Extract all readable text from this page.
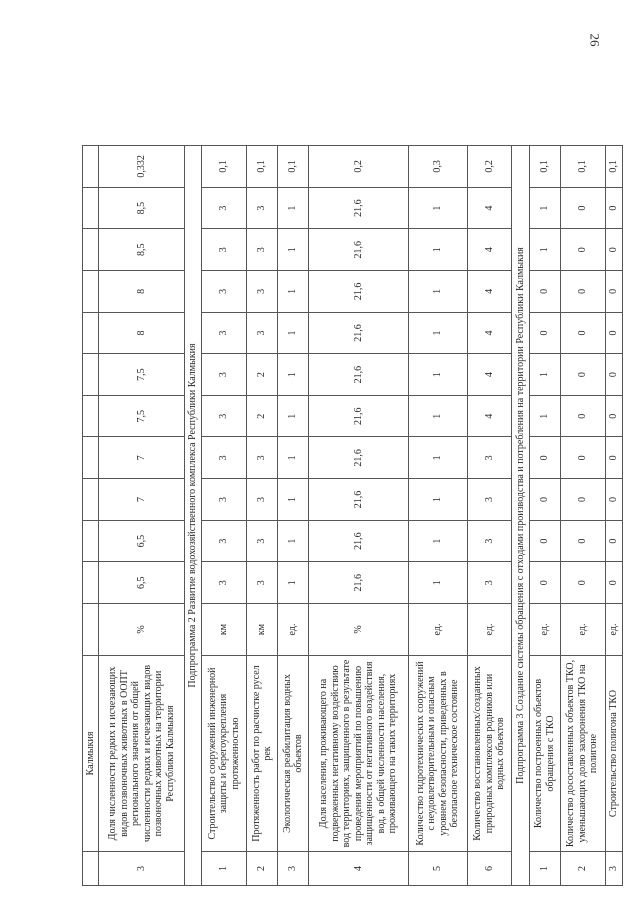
26
	Калмыкия												
3	Доля численности редких и исчезающих видов позвоночных животных в ООПТ регионального значения от общей численности редких и исчезающих видов позвоночных животных на территории Республики Калмыкия	%	6,5	6,5	7	7	7,5	7,5	8	8	8,5	8,5	0,332
Подпрограмма 2 Развитие водохозяйственного комплекса Республики Калмыкия													
1	Строительство сооружений инженерной защиты и берегоукрепления протяженностью	км	3	3	3	3	3	3	3	3	3	3	0,1
2	Протяженность работ по расчистке русел рек	км	3	3	3	3	2	2	3	3	3	3	0,1
3	Экологическая реабилитация водных объектов	ед.	1	1	1	1	1	1	1	1	1	1	0,1
4	Доля населения, проживающего на подверженных негативному воздействию вод территориях, защищенного в результате проведения мероприятий по повышению защищенности от негативного воздействия вод, в общей численности населения, проживающего на таких территориях	%	21,6	21,6	21,6	21,6	21,6	21,6	21,6	21,6	21,6	21,6	0,2
5	Количество гидротехнических сооружений с неудовлетворительным и опасным уровнем безопасности, приведенных в безопасное техническое состояние	ед.	1	1	1	1	1	1	1	1	1	1	0,3
6	Количество восстановленных/созданных природных комплексов родников или водных объектов	ед.	3	3	3	3	4	4	4	4	4	4	0,2
Подпрограмма 3 Создание системы обращения с отходами производства и потребления на территории Республики Калмыкия													
1	Количество построенных объектов обращения с ТКО	ед.	0	0	0	0	1	1	0	0	1	1	0,1
2	Количество досоставленных объектов ТКО, уменьшающих долю захоронения ТКО на полигоне	ед.	0	0	0	0	0	0	0	0	0	0	0,1
3	Строительство полигона ТКО	ед.	0	0	0	0	0	0	0	0	0	0	0,1
